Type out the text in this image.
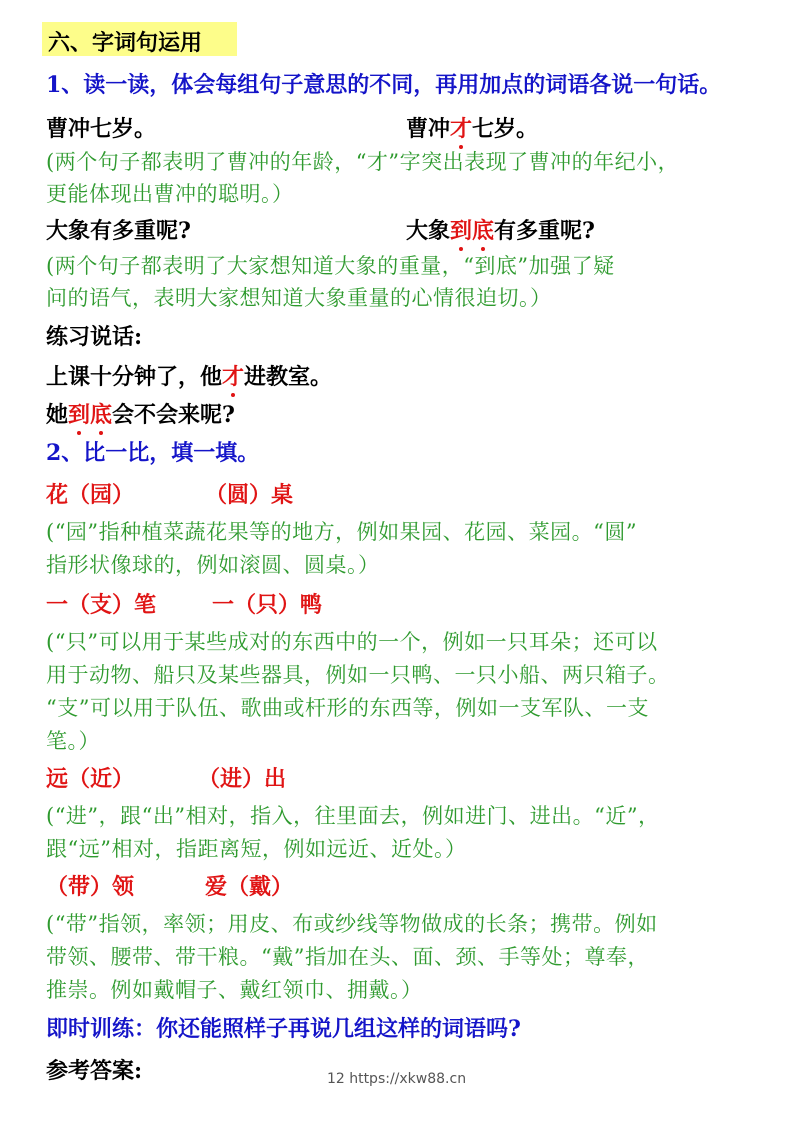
六、字词句运用
1、读一读，体会每组句子意思的不同，再用加点的词语各说一句话。
曹冲七岁。	曹冲才七岁。
(两个句子都表明了曹冲的年龄，“才”字突出表现了曹冲的年纪小，
更能体现出曹冲的聪明。）
大象有多重呢?	大象到底有多重呢?
(两个句子都表明了大家想知道大象的重量，“到底”加强了疑
问的语气，表明大家想知道大象重量的心情很迫切。）
练习说话:
上课十分钟了，他才进教室。
她到底会不会来呢?
2、比一比，填一填。
花（园）	（圆）桌
(“园”指种植菜蔬花果等的地方，例如果园、花园、菜园。“圆”
指形状像球的，例如滚圆、圆桌。）
一（支）笔	一（只）鸭
(“只”可以用于某些成对的东西中的一个，例如一只耳朵；还可以
用于动物、船只及某些器具，例如一只鸭、一只小船、两只箱子。
“支”可以用于队伍、歌曲或杆形的东西等，例如一支军队、一支
笔。）
远（近）	（进）出
(“进”，跟“出”相对，指入，往里面去，例如进门、进出。“近”，
跟“远”相对，指距离短，例如远近、近处。）
（带）领	爱（戴）
(“带”指领，率领；用皮、布或纱线等物做成的长条；携带。例如
带领、腰带、带干粮。“戴”指加在头、面、颈、手等处；尊奉，
推崇。例如戴帽子、戴红领巾、拥戴。）
即时训练：你还能照样子再说几组这样的词语吗?
参考答案:	12 https://xkw88.cn
